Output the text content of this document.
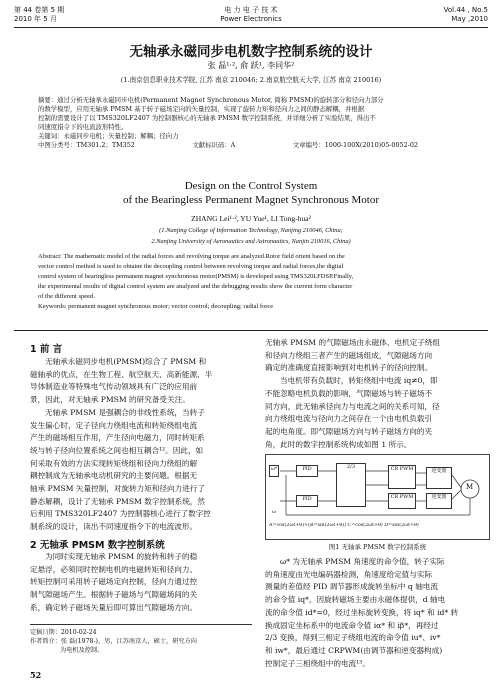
第 44 卷第 5 期
2010 年 5 月
电 力 电 子 技 术
Power Electronics
Vol.44 , No.5
May ,2010
无轴承永磁同步电机数字控制系统的设计
张 磊¹·², 俞 跃¹, 李同华²
(1.南京信息职业技术学院, 江苏 南京 210046; 2.南京航空航天大学, 江苏 南京 210016)
摘要：通过分析无轴承永磁同步电机(Permanent Magnet Synchronous Motor, 简称 PMSM)的旋转部分和径向力部分
的数学模型，应用无轴承 PMSM 基于转子磁场定向的矢量控制，实现了旋转力矩和径向力之间的静态解耦，并根据
控制的需要设计了以 TMS320LF2407 为控制器核心的无轴承 PMSM 数字控制系统，并详细分析了实验结果，得出不
同速度指令下的电流波形特性。
关键词：永磁同步电机；矢量控制；解耦；径向力
中图分类号：TM301.2；TM352	文献标识码：A	文章编号：1000-100X(2010)05-0052-02
Design on the Control System
of the Bearingless Permanent Magnet Synchronous Motor
ZHANG Lei¹·², YU Yue¹, LI Tong-hua²
(1.Nanjing College of Information Technology, Nanjing 210046, China;
2.Nanjing University of Aeronautics and Astronautics, Nanjin 210016, China)
Abstract: The mathematic model of the radial forces and revolving torque are analyzed.Rotor field orient based on the
vector control method is used to obtaine the decoupling control between revolving torque and radial forces,the digital
control system of bearingless permanent magnet synchronous motor(PMSM) is developed using TMS320LFDSP.Finally,
the experimental results of digital control system are analyzed and the debugging results show the current form character
of the different speed.
Keywords: permanent magnet synchronous motor; vector control; decoupling; radial force
1 前 言
无轴承永磁同步电机(PMSM)综合了 PMSM 和
磁轴承的优点，在生物工程、航空航天、高新能源、半
导体制造业等特殊电气传动领域具有广泛的应用前
景，因此，对无轴承 PMSM 的研究备受关注。
无轴承 PMSM 是强耦合的非线性系统，当转子
发生偏心时，定子径向力绕组电流和转矩绕组电流
产生的磁场相互作用，产生径向电磁力，同时转矩系
统与转子径向位置系统之间也相互耦合¹²。因此，如
何采取有效的方法实现转矩绕组和径向力绕组的解
耦控制成为无轴承电动机研究的主要问题。根据无
轴承 PMSM 矢量控制，对旋转力矩和径向力进行了
静态解耦，设计了无轴承 PMSM 数字控制系统，然
后利用 TMS320LF2407 为控制器核心进行了数字控
制系统的设计，读出不同速度指令下的电流波形。
2 无轴承 PMSM 数字控制系统
为同时实现无轴承 PMSM 的旋转和转子的稳
定悬浮，必须同时控制电机的电磁转矩和径向力。
转矩控制可采用转子磁场定向控制，径向力通过控
制气隙磁场产生。根据转子磁场与气隙磁场间的关
系，确定转子磁场矢量后即可算出气隙磁场方向。
定稿日期：2010-02-24
作者简介：张 磊(1978-)，男，江苏南京人，硕士，研究方向
为电机及控制。
52
无轴承 PMSM 的气隙磁场由永磁体、电机定子绕组
和径向力绕组三者产生的磁场组成，气隙磁场方向
确定的准确度直接影响到对电机转子的径向控制。
当电机带有负载时，转矩绕组中电流 iq≠0，即
不能忽略电机负载的影响，气隙磁场与转子磁场不
同方向，此无轴承径向力与电流之间的关系可知，径
向力绕组电流与径向力之间存在一个由电机负载引
起的电角度。即气隙磁场方向与转子磁场方向的夹
角，此时的数字控制系统构成如图 1 所示。
ω*	PID
PID
2/3	CR PWM
CR PWM
逆变器
逆变器
M
ω
A=cos(2ωt+θ)+(B=sin(2ωt+θ)) C=cos(2ωt+θ) D=sin(2ωt+θ)
图1 无轴承 PMSM 数字控制系统
ω* 为无轴承 PMSM 角速度的命令值，转子实际
的角速度由光电编码器检测，角速度给定值与实际
测量的差值经 PID 调节器形成旋转坐标中 q 轴电流
的命令值 iq*，因旋转磁场主要由永磁体提供，d 轴电
流的命令值 id*=0，经过坐标旋转变换，将 iq* 和 id* 转
换成固定坐标系中的电流命令值 iα* 和 iβ*，再经过
2/3 变换，得到三相定子绕组电流的命令值 iu*、iv*
和 iw*，最后通过 CRPWM(由调节器和逆变器构成)
控制定子三相绕组中的电流¹³。
